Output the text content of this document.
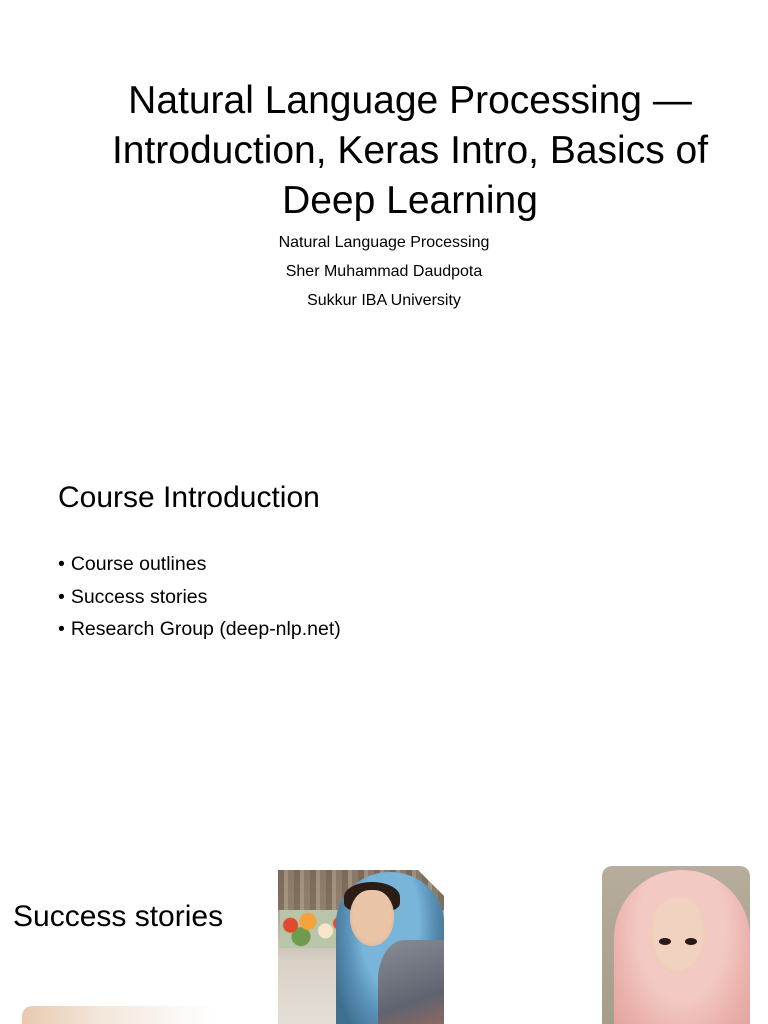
Natural Language Processing — Introduction, Keras Intro, Basics of Deep Learning
Natural Language Processing
Sher Muhammad Daudpota
Sukkur IBA University
Course Introduction
• Course outlines
• Success stories
• Research Group (deep-nlp.net)
Success stories
